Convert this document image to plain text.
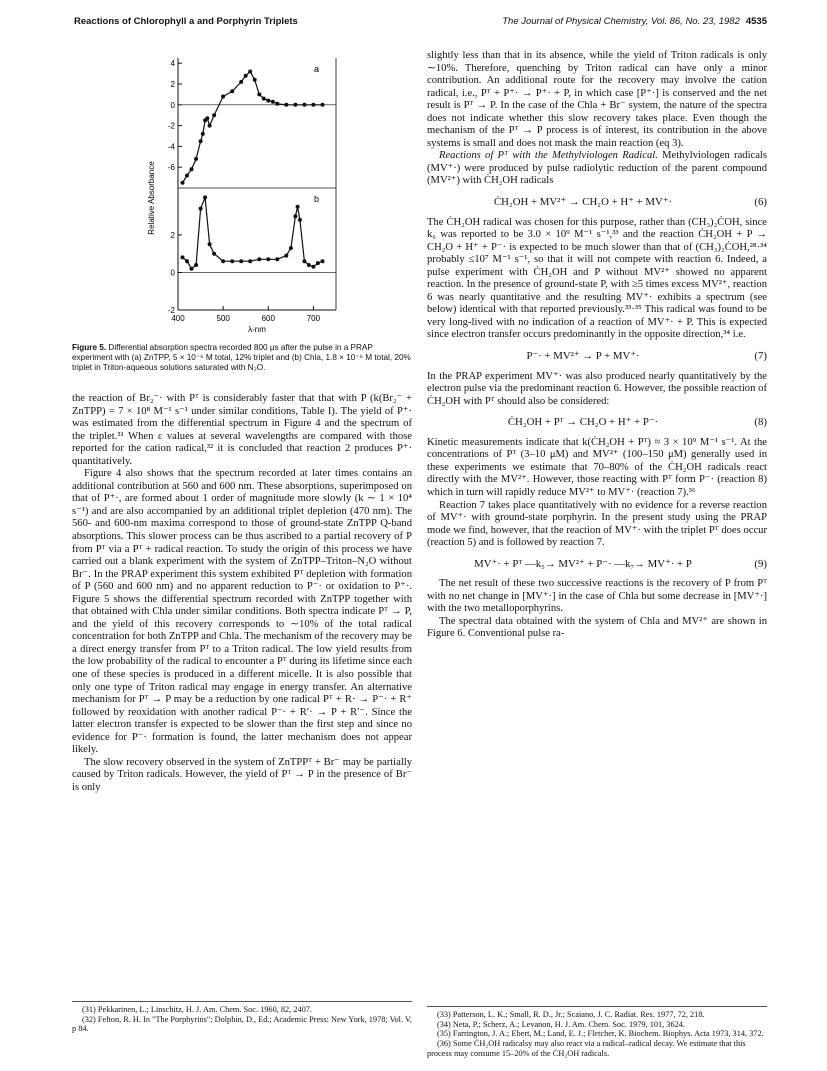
Reactions of Chlorophyll a and Porphyrin Triplets	The Journal of Physical Chemistry, Vol. 86, No. 23, 1982 4535
4
2
0
-2
-4
-6
a
2
0
-2
b
400	500	600	700
λ-nm
Relative Absorbance
Figure 5. Differential absorption spectra recorded 800 μs after the pulse in a PRAP experiment with (a) ZnTPP, 5 × 10⁻⁶ M total, 12% triplet and (b) Chla, 1.8 × 10⁻⁶ M total, 20% triplet in Triton-aqueous solutions saturated with N₂O.

the reaction of Br₂⁻· with Pᵀ is considerably faster that that with P (k(Br₂⁻ + ZnTPP) = 7 × 10⁸ M⁻¹ s⁻¹ under similar conditions, Table I). The yield of P⁺· was estimated from the differential spectrum in Figure 4 and the spectrum of the triplet.³¹ When ε values at several wavelengths are compared with those reported for the cation radical,³² it is concluded that reaction 2 produces P⁺· quantitatively.

Figure 4 also shows that the spectrum recorded at later times contains an additional contribution at 560 and 600 nm. These absorptions, superimposed on that of P⁺·, are formed about 1 order of magnitude more slowly (k ∼ 1 × 10⁴ s⁻¹) and are also accompanied by an additional triplet depletion (470 nm). The 560- and 600-nm maxima correspond to those of ground-state ZnTPP Q-band absorptions. This slower process can be thus ascribed to a partial recovery of P from Pᵀ via a Pᵀ + radical reaction. To study the origin of this process we have carried out a blank experiment with the system of ZnTPP–Triton–N₂O without Br⁻. In the PRAP experiment this system exhibited Pᵀ depletion with formation of P (560 and 600 nm) and no apparent reduction to P⁻· or oxidation to P⁺·. Figure 5 shows the differential spectrum recorded with ZnTPP together with that obtained with Chla under similar conditions. Both spectra indicate Pᵀ → P, and the yield of this recovery corresponds to ∼10% of the total radical concentration for both ZnTPP and Chla. The mechanism of the recovery may be a direct energy transfer from Pᵀ to a Triton radical. The low yield results from the low probability of the radical to encounter a Pᵀ during its lifetime since each one of these species is produced in a different micelle. It is also possible that only one type of Triton radical may engage in energy transfer. An alternative mechanism for Pᵀ → P may be a reduction by one radical Pᵀ + R· → P⁻· + R⁺ followed by reoxidation with another radical P⁻· + R′· → P + R′⁻. Since the latter electron transfer is expected to be slower than the first step and since no evidence for P⁻· formation is found, the latter mechanism does not appear likely.

The slow recovery observed in the system of ZnTPPᵀ + Br⁻ may be partially caused by Triton radicals. However, the yield of Pᵀ → P in the presence of Br⁻ is only

slightly less than that in its absence, while the yield of Triton radicals is only ∼10%. Therefore, quenching by Triton radical can have only a minor contribution. An additional route for the recovery may involve the cation radical, i.e., Pᵀ + P⁺· → P⁺· + P, in which case [P⁺·] is conserved and the net result is Pᵀ → P. In the case of the Chla + Br⁻ system, the nature of the spectra does not indicate whether this slow recovery takes place. Even though the mechanism of the Pᵀ → P process is of interest, its contribution in the above systems is small and does not mask the main reaction (eq 3).

Reactions of Pᵀ with the Methylviologen Radical. Methylviologen radicals (MV⁺·) were produced by pulse radiolytic reduction of the parent compound (MV²⁺) with ĊH₂OH radicals

ĊH₂OH + MV²⁺ → CH₂O + H⁺ + MV⁺·	(6)

The ĊH₂OH radical was chosen for this purpose, rather than (CH₃)₂ĊOH, since k₆ was reported to be 3.0 × 10⁹ M⁻¹ s⁻¹,³³ and the reaction ĊH₂OH + P → CH₂O + H⁺ + P⁻· is expected to be much slower than that of (CH₃)₂ĊOH,²⁸·³⁴ probably ≤10⁷ M⁻¹ s⁻¹, so that it will not compete with reaction 6. Indeed, a pulse experiment with ĊH₂OH and P without MV²⁺ showed no apparent reaction. In the presence of ground-state P, with ≥5 times excess MV²⁺, reaction 6 was nearly quantitative and the resulting MV⁺· exhibits a spectrum (see below) identical with that reported previously.³³·³⁵ This radical was found to be very long-lived with no indication of a reaction of MV⁺· + P. This is expected since electron transfer occurs predominantly in the opposite direction,³⁴ i.e.

P⁻· + MV²⁺ → P + MV⁺·	(7)

In the PRAP experiment MV⁺· was also produced nearly quantitatively by the electron pulse via the predominant reaction 6. However, the possible reaction of ĊH₂OH with Pᵀ should also be considered:

ĊH₂OH + Pᵀ → CH₂O + H⁺ + P⁻·	(8)

Kinetic measurements indicate that k(ĊH₂OH + Pᵀ) ≈ 3 × 10⁹ M⁻¹ s⁻¹. At the concentrations of Pᵀ (3–10 μM) and MV²⁺ (100–150 μM) generally used in these experiments we estimate that 70–80% of the ĊH₂OH radicals react directly with the MV²⁺. However, those reacting with Pᵀ form P⁻· (reaction 8) which in turn will rapidly reduce MV²⁺ to MV⁺· (reaction 7).³⁶

Reaction 7 takes place quantitatively with no evidence for a reverse reaction of MV⁺· with ground-state porphyrin. In the present study using the PRAP mode we find, however, that the reaction of MV⁺· with the triplet Pᵀ does occur (reaction 5) and is followed by reaction 7.

MV⁺· + Pᵀ —k₅→ MV²⁺ + P⁻· —k₇→ MV⁺· + P	(9)

The net result of these two successive reactions is the recovery of P from Pᵀ with no net change in [MV⁺·] in the case of Chla but some decrease in [MV⁺·] with the two metalloporphyrins.

The spectral data obtained with the system of Chla and MV²⁺ are shown in Figure 6. Conventional pulse ra-

(31) Pekkarinen, L.; Linschitz, H. J. Am. Chem. Soc. 1960, 82, 2407.
(32) Felton, R. H. In "The Porphyrins"; Dolphin, D., Ed.; Academic Press: New York, 1978; Vol. V, p 84.
(33) Patterson, L. K.; Small, R. D., Jr.; Scaiano, J. C. Radiat. Res. 1977, 72, 218.
(34) Neta, P.; Scherz, A.; Levanon, H. J. Am. Chem. Soc. 1979, 101, 3624.
(35) Farrington, J. A.; Ebert, M.; Land, E. J.; Fletcher, K. Biochem. Biophys. Acta 1973, 314, 372.
(36) Some ĊH₂OH radicalsy may also react via a radical–radical decay. We estimate that this process may consume 15–20% of the ĊH₂OH radicals.
